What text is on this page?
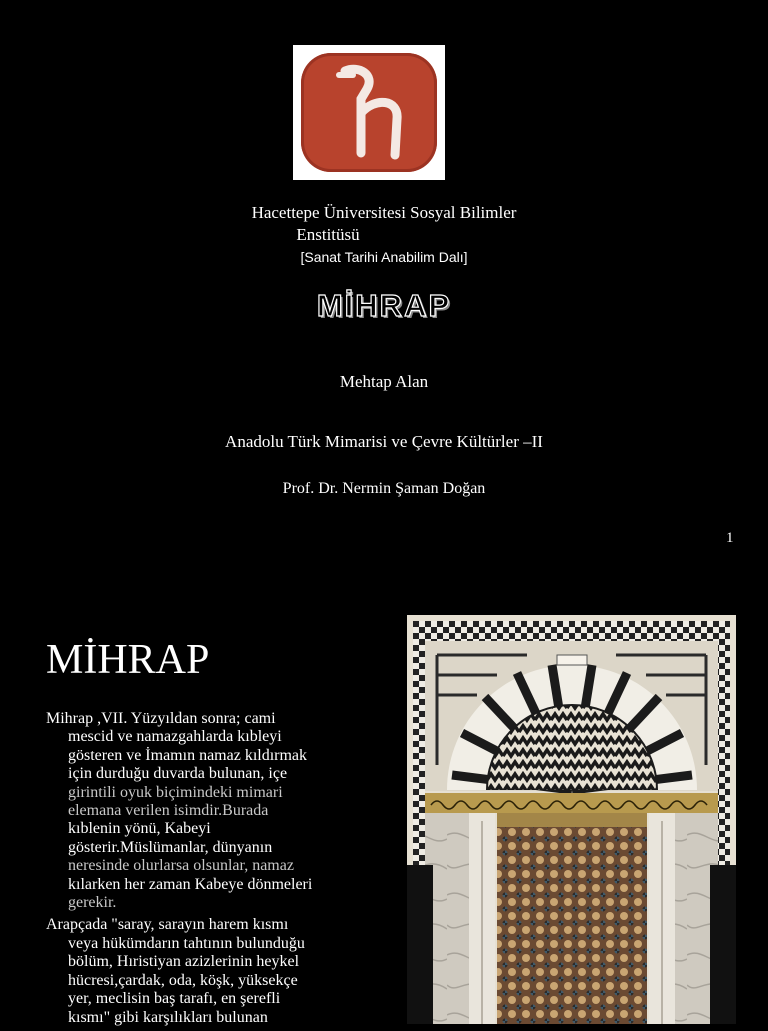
Hacettepe Üniversitesi Sosyal Bilimler
Enstitüsü
[Sanat Tarihi Anabilim Dalı]
MİHRAP
Mehtap Alan
Anadolu Türk Mimarisi ve Çevre Kültürler –II
Prof. Dr. Nermin Şaman Doğan
1
MİHRAP
Mihrap ,VII. Yüzyıldan sonra; cami
mescid ve namazgahlarda kıbleyi
gösteren ve İmamın namaz kıldırmak
için durduğu duvarda bulunan, içe
girintili oyuk biçimindeki mimari
elemana verilen isimdir.Burada
kıblenin yönü, Kabeyi
gösterir.Müslümanlar, dünyanın
neresinde olurlarsa olsunlar, namaz
kılarken her zaman Kabeye dönmeleri
gerekir.
Arapçada "saray, sarayın harem kısmı
veya hükümdarın tahtının bulunduğu
bölüm, Hıristiyan azizlerinin heykel
hücresi,çardak, oda, köşk, yüksekçe
yer, meclisin baş tarafı, en şerefli
kısmı" gibi karşılıkları bulunan
